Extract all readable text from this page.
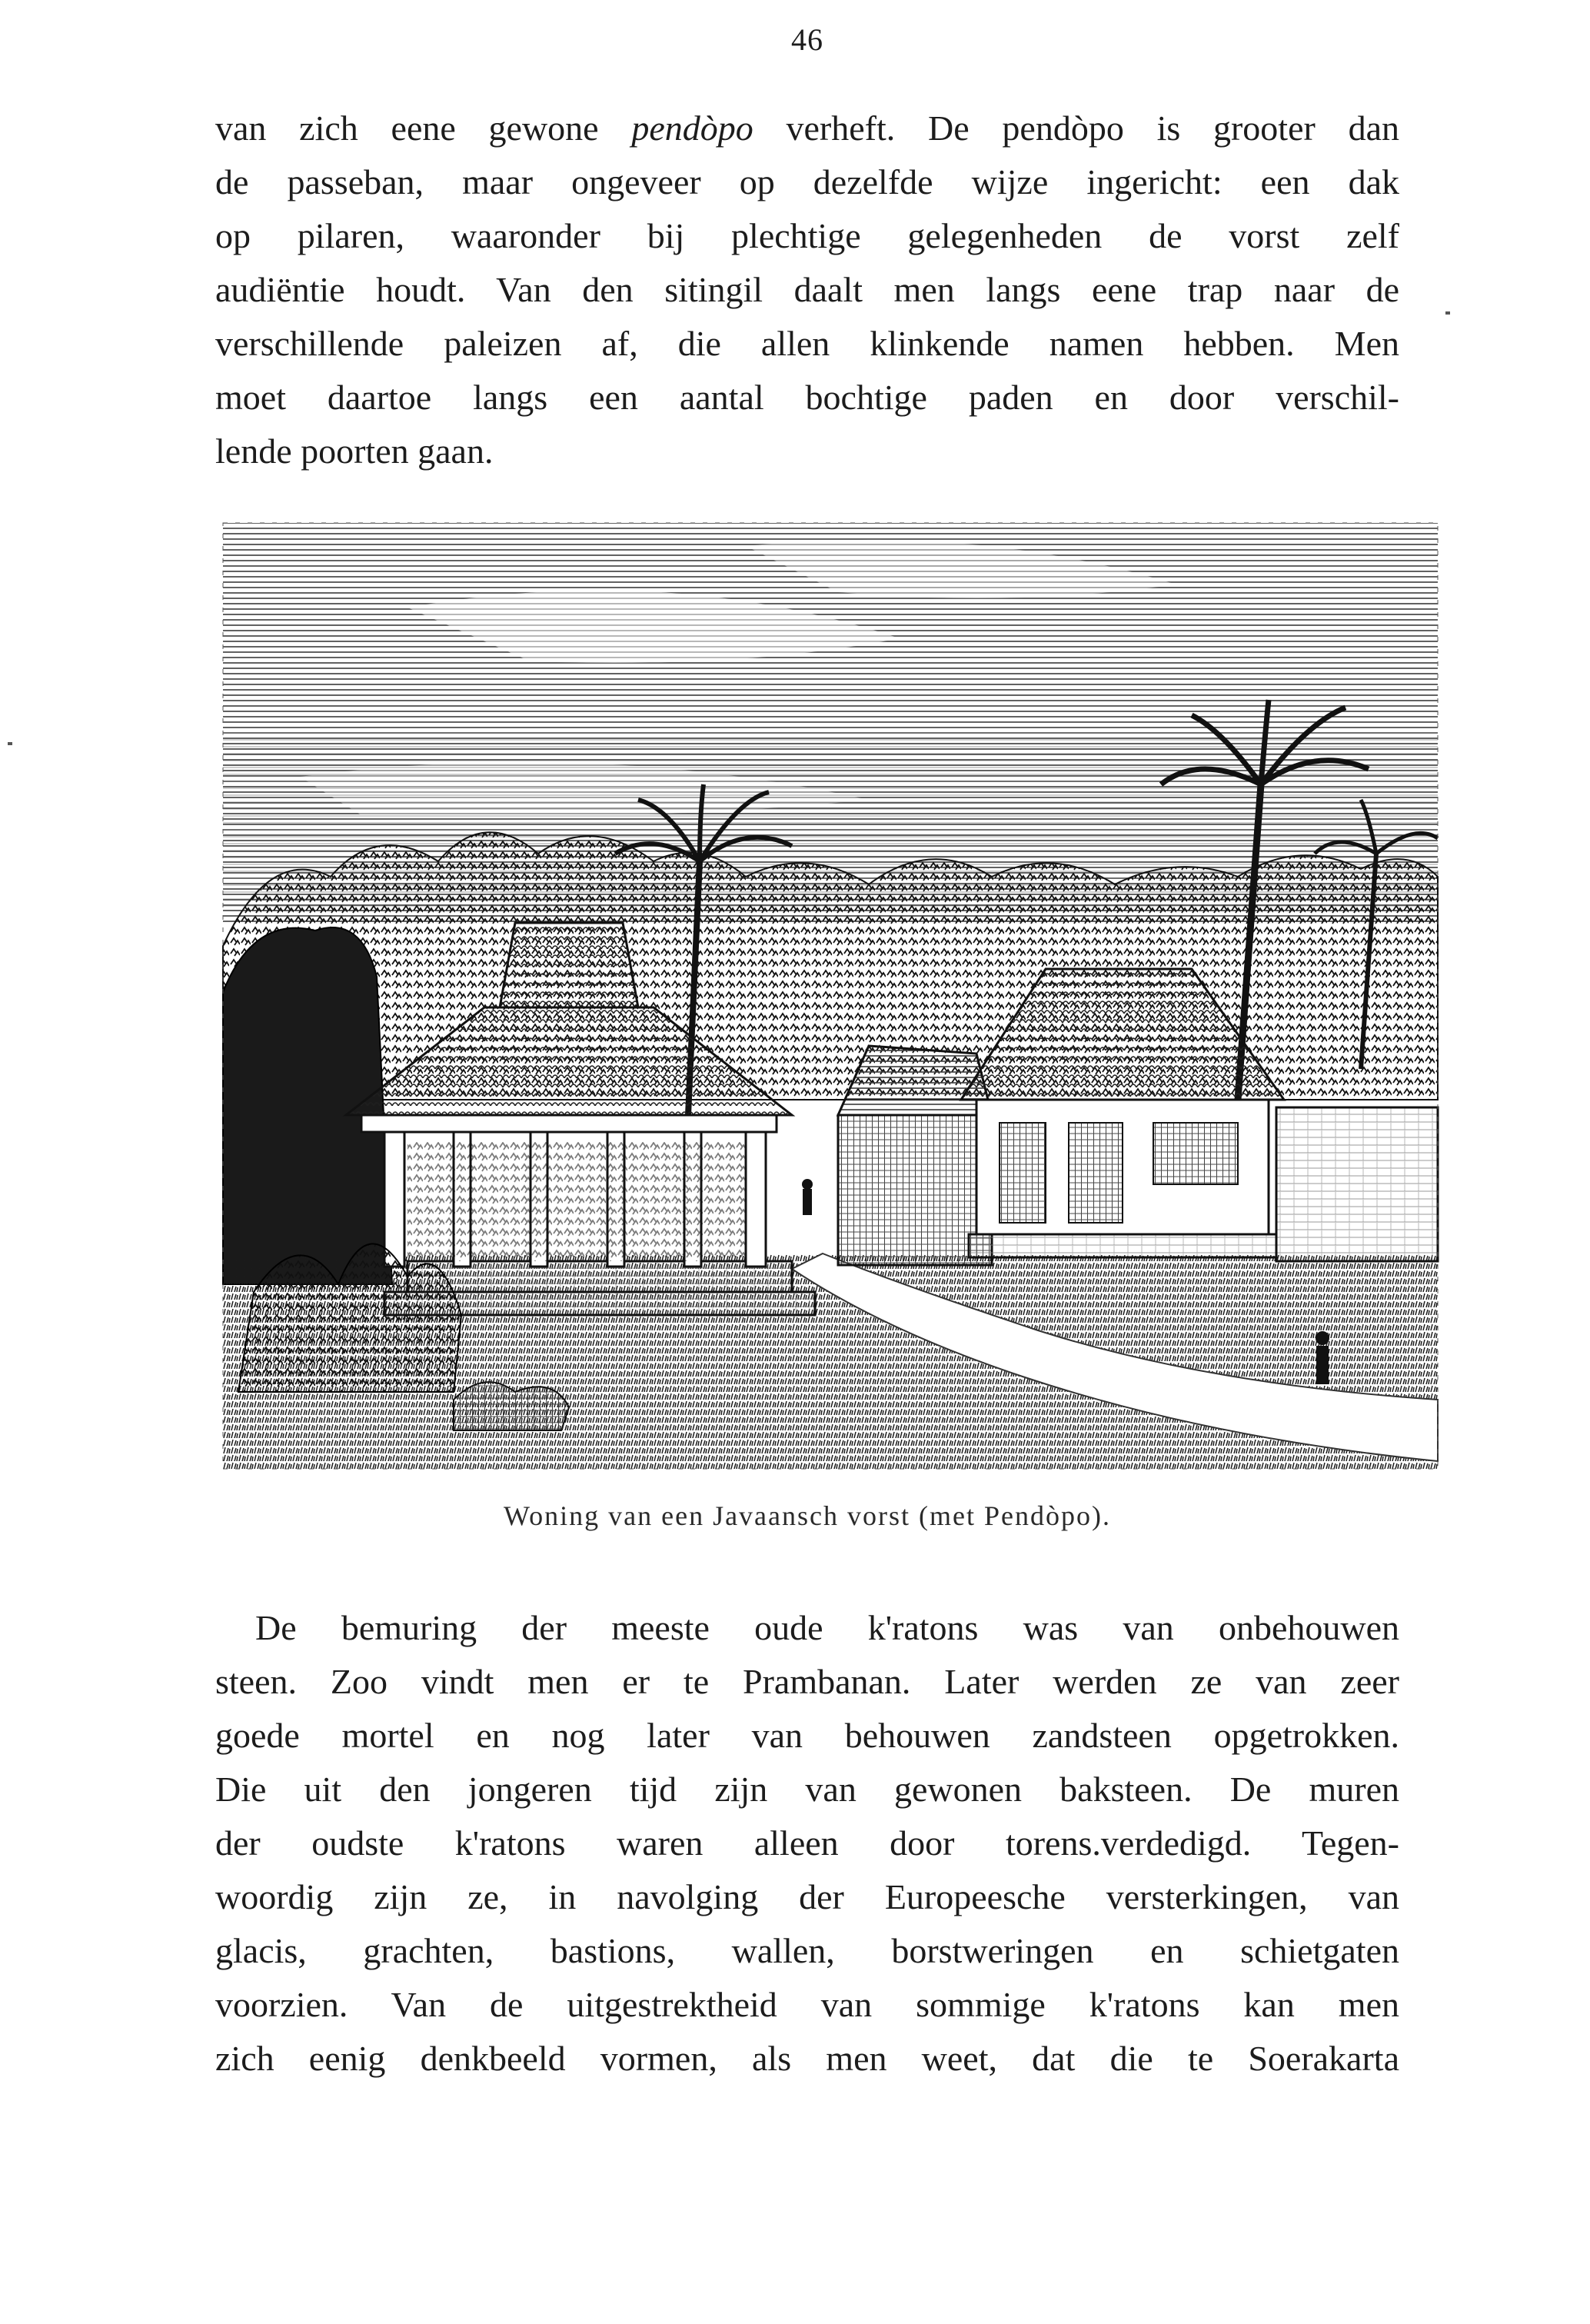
46
van zich eene gewone pendòpo verheft. De pendòpo is grooter dan
de passeban, maar ongeveer op dezelfde wijze ingericht: een dak
op pilaren, waaronder bij plechtige gelegenheden de vorst zelf
audiëntie houdt. Van den sitingil daalt men langs eene trap naar de
verschillende paleizen af, die allen klinkende namen hebben. Men
moet daartoe langs een aantal bochtige paden en door verschil-
lende poorten gaan.
Woning van een Javaansch vorst (met Pendòpo).
De bemuring der meeste oude k'ratons was van onbehouwen
steen. Zoo vindt men er te Prambanan. Later werden ze van zeer
goede mortel en nog later van behouwen zandsteen opgetrokken.
Die uit den jongeren tijd zijn van gewonen baksteen. De muren
der oudste k'ratons waren alleen door torens.verdedigd. Tegen-
woordig zijn ze, in navolging der Europeesche versterkingen, van
glacis, grachten, bastions, wallen, borstweringen en schietgaten
voorzien. Van de uitgestrektheid van sommige k'ratons kan men
zich eenig denkbeeld vormen, als men weet, dat die te Soerakarta
